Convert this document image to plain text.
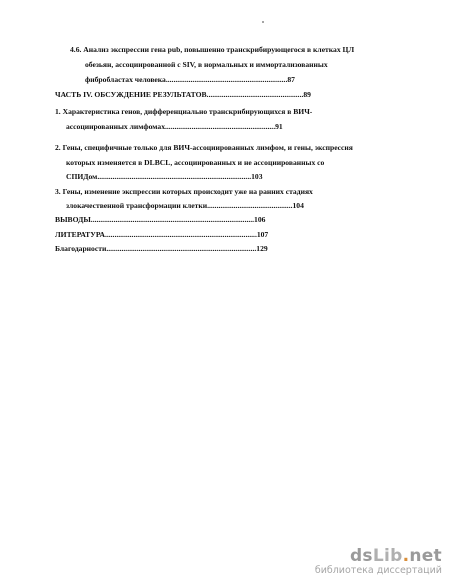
4.6. Анализ экспрессии гена pub, повышенно транскрибирующегося в клетках ЦЛ
обезьян, ассоциированной с SIV, в нормальных и иммортализованных
фибробластах человека................................................................87
ЧАСТЬ IV. ОБСУЖДЕНИЕ РЕЗУЛЬТАТОВ...................................................89
1. Характеристика генов, дифференциально транскрибирующихся в ВИЧ-
ассоциированных лимфомах..........................................................91
2. Гены, специфичные только для ВИЧ-ассоциированных лимфом, и гены, экспрессия
которых изменяется в DLBCL, ассоциированных и не ассоциированных со
СПИДом.................................................................................103
3. Гены, изменение экспрессии которых происходит уже на ранних стадиях
злокачественной трансформации клетки.............................................104
ВЫВОДЫ......................................................................................106
ЛИТЕРАТУРА................................................................................107
Благодарности...............................................................................129
dsLib.net
библиотека диссертаций
